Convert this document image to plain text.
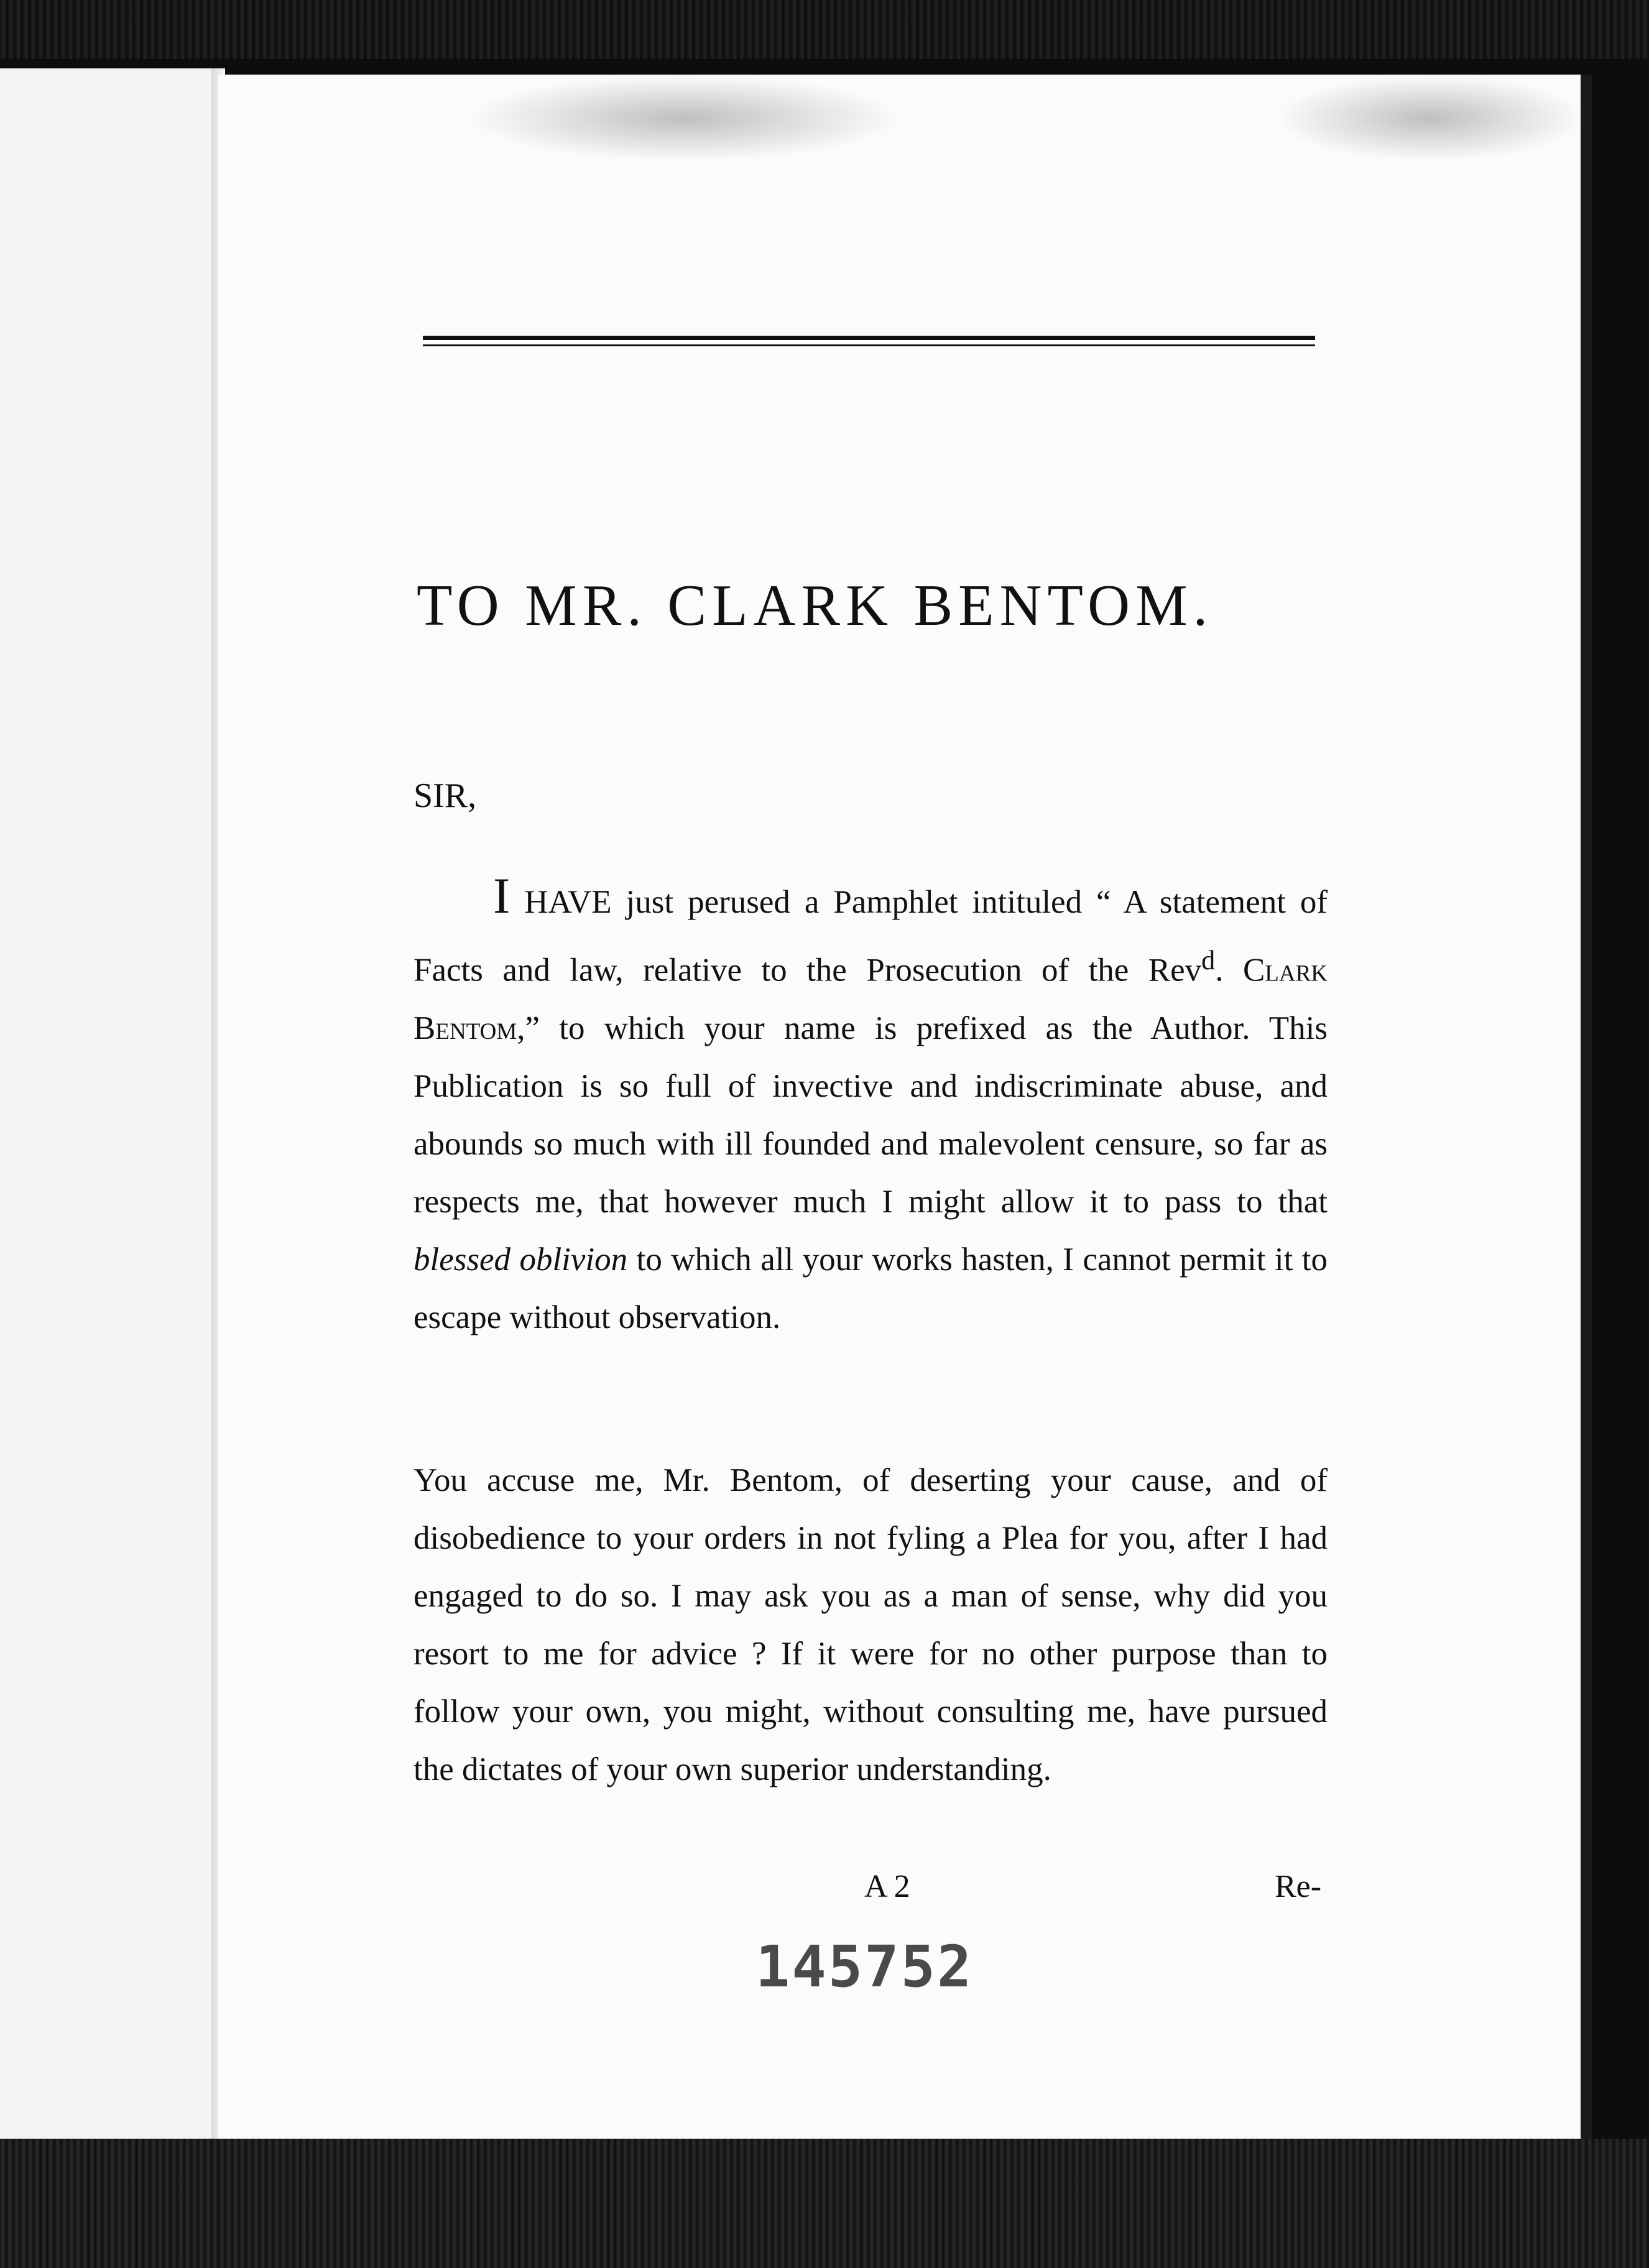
TO MR. CLARK BENTOM.
SIR,
I HAVE just perused a Pamphlet intituled “ A statement of Facts and law, relative to the Prosecution of the Rev$^d$. Clark Bentom,” to which your name is prefixed as the Author. This Publication is so full of invective and indiscriminate abuse, and abounds so much with ill founded and malevolent censure, so far as respects me, that however much I might allow it to pass to that blessed oblivion to which all your works hasten, I cannot permit it to escape without observation.
You accuse me, Mr. Bentom, of deserting your cause, and of disobedience to your orders in not fyling a Plea for you, after I had engaged to do so. I may ask you as a man of sense, why did you resort to me for advice ? If it were for no other purpose than to follow your own, you might, without consulting me, have pursued the dictates of your own superior understanding.
A 2	Re-
145752
